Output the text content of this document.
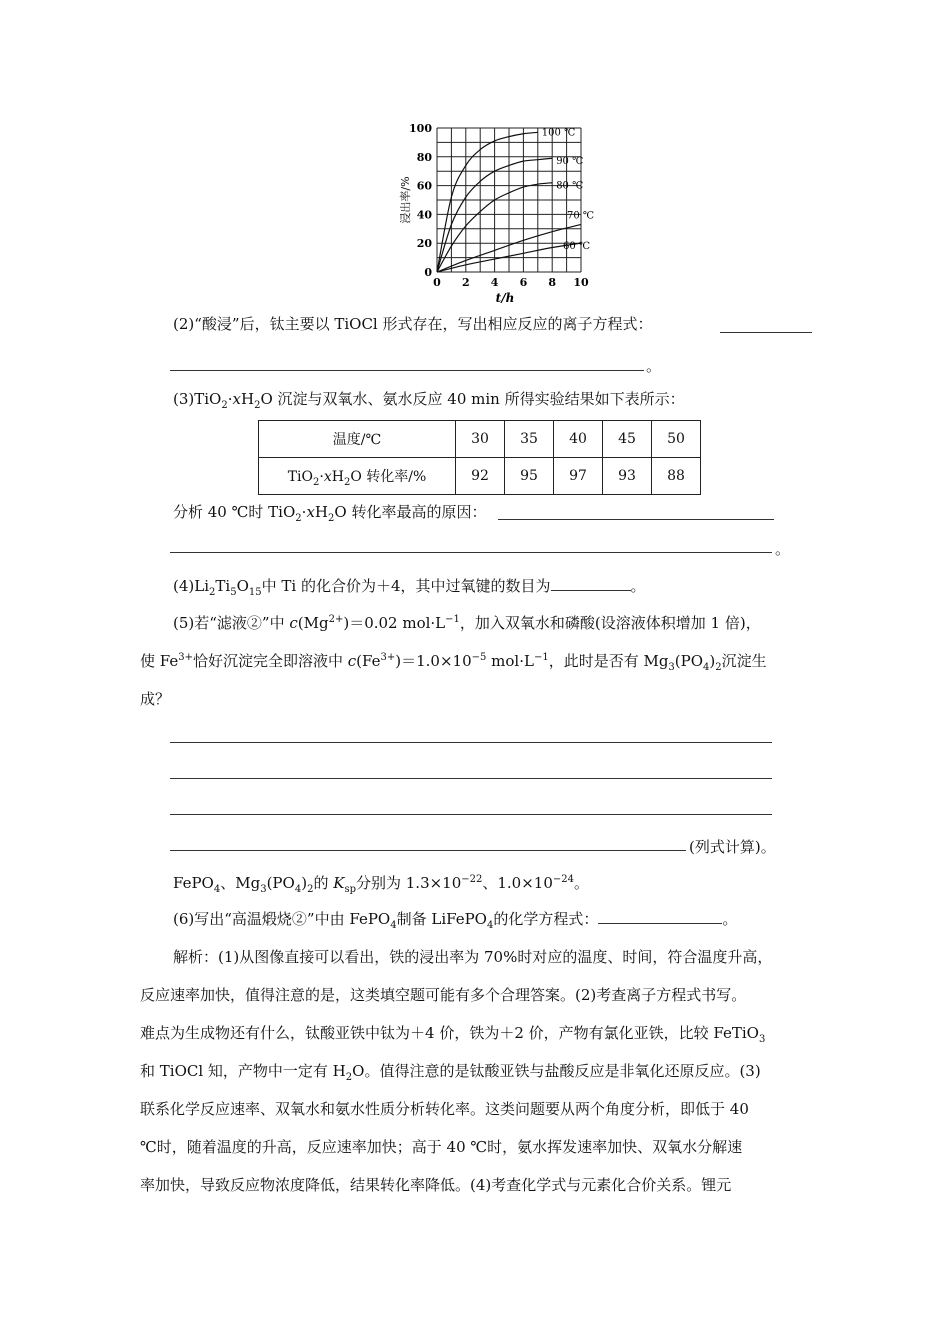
0 2 4 6 8 10
0
20
40
60
80
100
t/h
浸出率/%
100 ℃
90 ℃
80 ℃
70 ℃
60 ℃
(2)“酸浸”后，钛主要以 TiOCl 形式存在，写出相应反应的离子方程式：
。
$(3)TiO_2\cdot xH_2O$ 沉淀与双氧水、氨水反应 40 min 所得实验结果如下表所示：
温度/℃	30	35	40	45	50
$TiO_2\cdot xH_2O$ 转化率/%	92	95	97	93	88
分析 40 ℃时 $TiO_2\cdot xH_2O$ 转化率最高的原因：
。
$(4)Li_2Ti_5O_{15}$中 Ti 的化合价为＋4，其中过氧键的数目为	。
(5)若“滤液②”中 $c(Mg^{2+})=0.02$ $mol\cdot L^{-1}$，加入双氧水和磷酸(设溶液体积增加 1 倍)，
使 $Fe^{3+}$恰好沉淀完全即溶液中 $c(Fe^{3+})=1.0\times 10^{-5}$ $mol\cdot L^{-1}$，此时是否有 $Mg_3(PO_4)_2$沉淀生
成？
(列式计算)。
FePO$_4$、$Mg_3(PO_4)_2$的 $K_{sp}$分别为 $1.3\times 10^{-22}$、$1.0\times 10^{-24}$。
(6)写出“高温煅烧②”中由 FePO$_4$制备 LiFePO$_4$的化学方程式：	。
解析：(1)从图像直接可以看出，铁的浸出率为 70%时对应的温度、时间，符合温度升高，
反应速率加快，值得注意的是，这类填空题可能有多个合理答案。(2)考查离子方程式书写。
难点为生成物还有什么，钛酸亚铁中钛为＋4 价，铁为＋2 价，产物有氯化亚铁，比较 FeTiO$_3$
和 TiOCl 知，产物中一定有 $H_2O$。值得注意的是钛酸亚铁与盐酸反应是非氧化还原反应。(3)
联系化学反应速率、双氧水和氨水性质分析转化率。这类问题要从两个角度分析，即低于 40
℃时，随着温度的升高，反应速率加快；高于 40 ℃时，氨水挥发速率加快、双氧水分解速
率加快，导致反应物浓度降低，结果转化率降低。(4)考查化学式与元素化合价关系。锂元
